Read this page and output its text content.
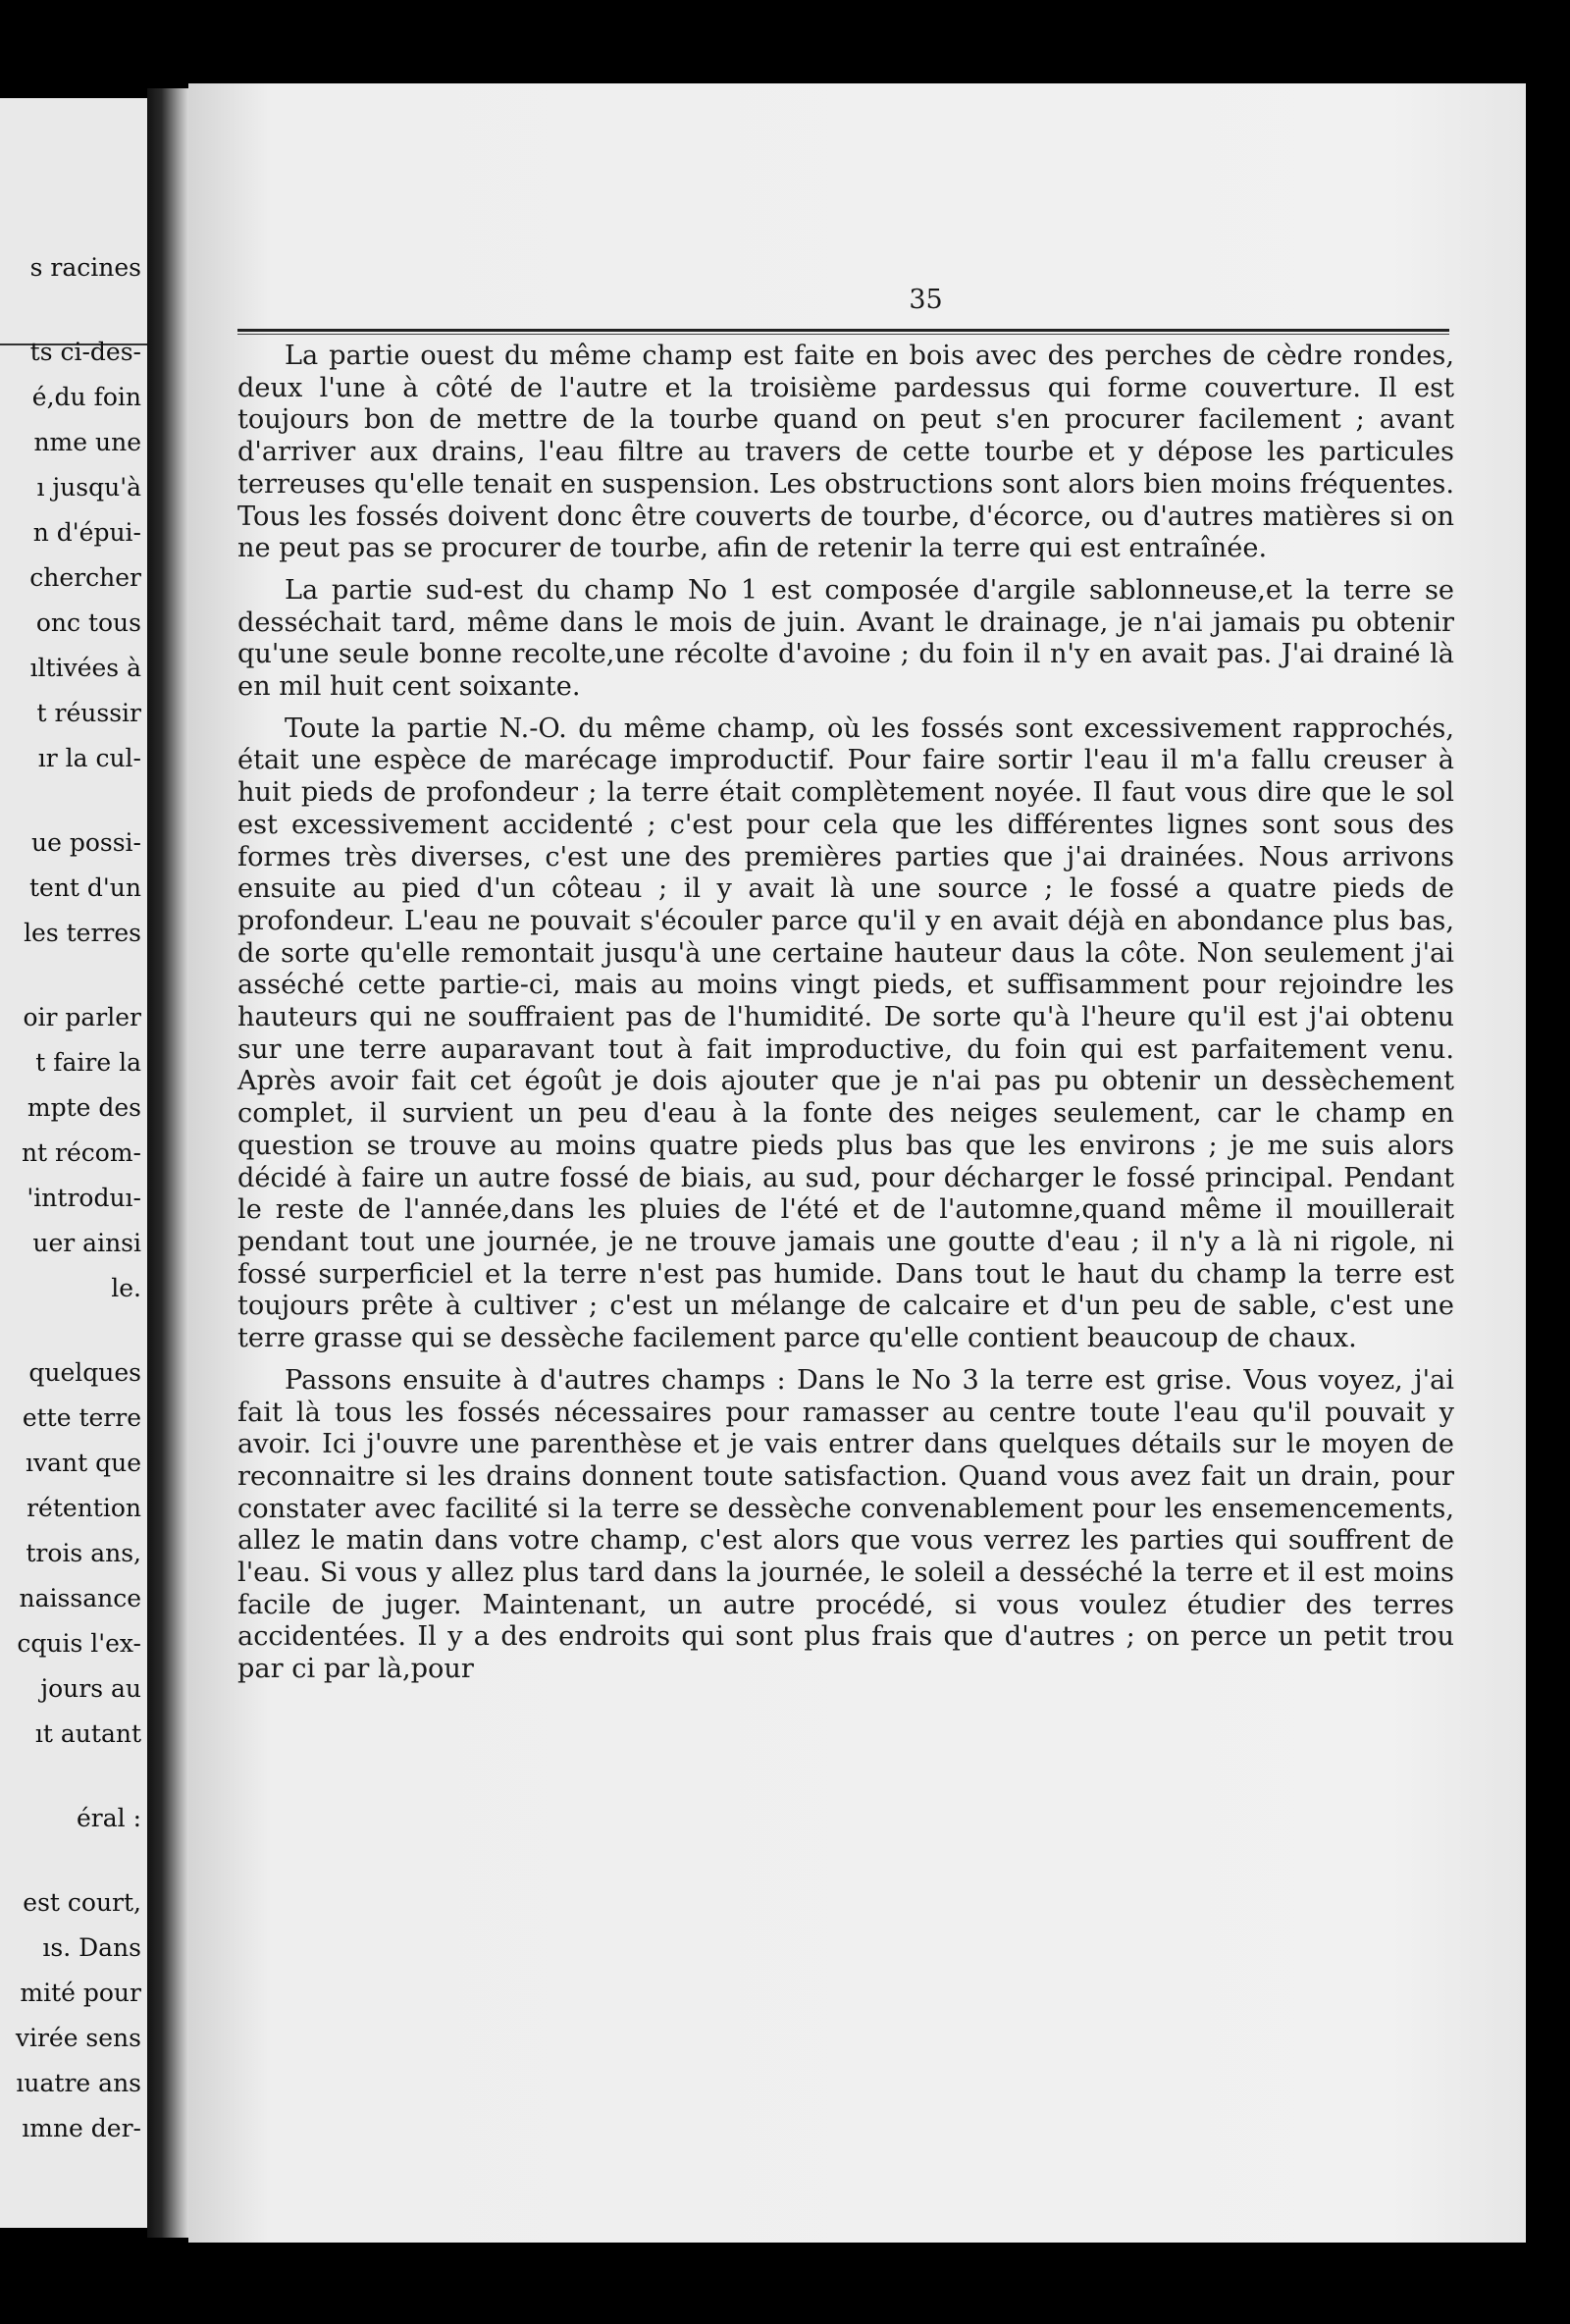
s racines
ts ci-des-
é,du foin
nme une
ı jusqu'à
n d'épui-
chercher
onc tous
ıltivées à
t réussir
ır la cul-
ue possi-
tent d'un
les terres
oir parler
t faire la
mpte des
nt récom-
'introduı-
uer ainsi
le.
quelques
ette terre
ıvant que
rétention
trois ans,
naissance
cquis l'ex-
jours au
ıt autant
éral :
est court,
ıs. Dans
mité pour
virée sens
ıuatre ans
ımne der-
35

La partie ouest du même champ est faite en bois avec des perches de cèdre rondes, deux l'une à côté de l'autre et la troisième pardessus qui forme couverture. Il est toujours bon de mettre de la tourbe quand on peut s'en procurer facilement ; avant d'arriver aux drains, l'eau filtre au travers de cette tourbe et y dépose les particules terreuses qu'elle tenait en suspension. Les obstructions sont alors bien moins fréquentes. Tous les fossés doivent donc être couverts de tourbe, d'écorce, ou d'autres matières si on ne peut pas se procurer de tourbe, afin de retenir la terre qui est entraînée.

La partie sud-est du champ No 1 est composée d'argile sablonneuse,et la terre se desséchait tard, même dans le mois de juin. Avant le drainage, je n'ai jamais pu obtenir qu'une seule bonne recolte,une récolte d'avoine ; du foin il n'y en avait pas. J'ai drainé là en mil huit cent soixante.

Toute la partie N.-O. du même champ, où les fossés sont excessivement rapprochés, était une espèce de marécage improductif. Pour faire sortir l'eau il m'a fallu creuser à huit pieds de profondeur ; la terre était complètement noyée. Il faut vous dire que le sol est excessivement accidenté ; c'est pour cela que les différentes lignes sont sous des formes très diverses, c'est une des premières parties que j'ai drainées. Nous arrivons ensuite au pied d'un côteau ; il y avait là une source ; le fossé a quatre pieds de profondeur. L'eau ne pouvait s'écouler parce qu'il y en avait déjà en abondance plus bas, de sorte qu'elle remontait jusqu'à une certaine hauteur daus la côte. Non seulement j'ai asséché cette partie-ci, mais au moins vingt pieds, et suffisamment pour rejoindre les hauteurs qui ne souffraient pas de l'humidité. De sorte qu'à l'heure qu'il est j'ai obtenu sur une terre auparavant tout à fait improductive, du foin qui est parfaitement venu. Après avoir fait cet égoût je dois ajouter que je n'ai pas pu obtenir un dessèchement complet, il survient un peu d'eau à la fonte des neiges seulement, car le champ en question se trouve au moins quatre pieds plus bas que les environs ; je me suis alors décidé à faire un autre fossé de biais, au sud, pour décharger le fossé principal. Pendant le reste de l'année,dans les pluies de l'été et de l'automne,quand même il mouillerait pendant tout une journée, je ne trouve jamais une goutte d'eau ; il n'y a là ni rigole, ni fossé surperficiel et la terre n'est pas humide. Dans tout le haut du champ la terre est toujours prête à cultiver ; c'est un mélange de calcaire et d'un peu de sable, c'est une terre grasse qui se dessèche facilement parce qu'elle contient beaucoup de chaux.

Passons ensuite à d'autres champs : Dans le No 3 la terre est grise. Vous voyez, j'ai fait là tous les fossés nécessaires pour ramasser au centre toute l'eau qu'il pouvait y avoir. Ici j'ouvre une parenthèse et je vais entrer dans quelques détails sur le moyen de reconnaitre si les drains donnent toute satisfaction. Quand vous avez fait un drain, pour constater avec facilité si la terre se dessèche convenablement pour les ensemencements, allez le matin dans votre champ, c'est alors que vous verrez les parties qui souffrent de l'eau. Si vous y allez plus tard dans la journée, le soleil a desséché la terre et il est moins facile de juger. Maintenant, un autre procédé, si vous voulez étudier des terres accidentées. Il y a des endroits qui sont plus frais que d'autres ; on perce un petit trou par ci par là,pour
